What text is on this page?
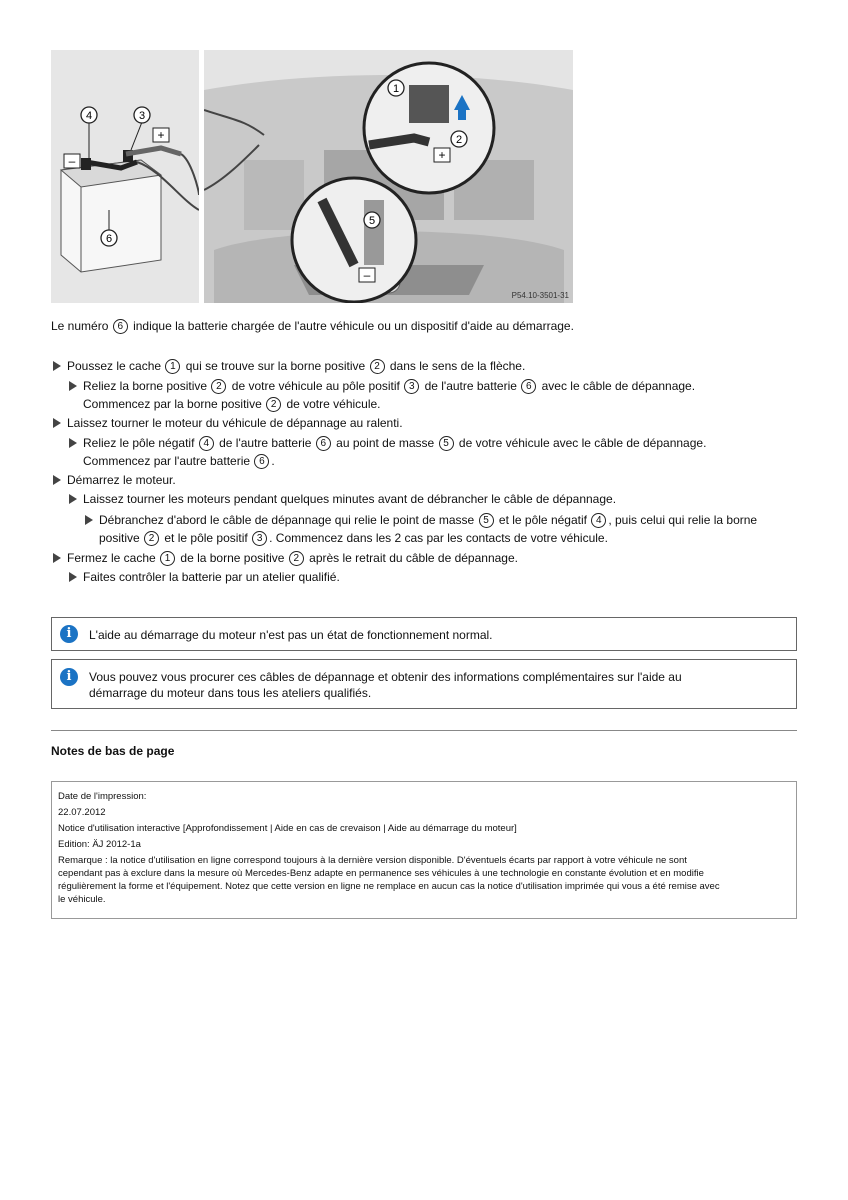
4	3
6
–
+
1
2
5
+
–
P54.10-3501-31

Le numéro 6 indique la batterie chargée de l'autre véhicule ou un dispositif d'aide au démarrage.

Poussez le cache 1 qui se trouve sur la borne positive 2 dans le sens de la flèche.
Reliez la borne positive 2 de votre véhicule au pôle positif 3 de l'autre batterie 6 avec le câble de dépannage.
Commencez par la borne positive 2 de votre véhicule.
Laissez tourner le moteur du véhicule de dépannage au ralenti.
Reliez le pôle négatif 4 de l'autre batterie 6 au point de masse 5 de votre véhicule avec le câble de dépannage.
Commencez par l'autre batterie 6 .
Démarrez le moteur.
Laissez tourner les moteurs pendant quelques minutes avant de débrancher le câble de dépannage.
Débranchez d'abord le câble de dépannage qui relie le point de masse 5 et le pôle négatif 4 , puis celui qui relie la borne
positive 2 et le pôle positif 3 . Commencez dans les 2 cas par les contacts de votre véhicule.
Fermez le cache 1 de la borne positive 2 après le retrait du câble de dépannage.
Faites contrôler la batterie par un atelier qualifié.
i	L'aide au démarrage du moteur n'est pas un état de fonctionnement normal.
i	Vous pouvez vous procurer ces câbles de dépannage et obtenir des informations complémentaires sur l'aide au
démarrage du moteur dans tous les ateliers qualifiés.
Notes de bas de page
Date de l'impression:
22.07.2012
Notice d'utilisation interactive [Approfondissement | Aide en cas de crevaison | Aide au démarrage du moteur]
Edition: ÄJ 2012-1a
Remarque : la notice d'utilisation en ligne correspond toujours à la dernière version disponible. D'éventuels écarts par rapport à votre véhicule ne sont
cependant pas à exclure dans la mesure où Mercedes-Benz adapte en permanence ses véhicules à une technologie en constante évolution et en modifie
régulièrement la forme et l'équipement. Notez que cette version en ligne ne remplace en aucun cas la notice d'utilisation imprimée qui vous a été remise avec
le véhicule.
